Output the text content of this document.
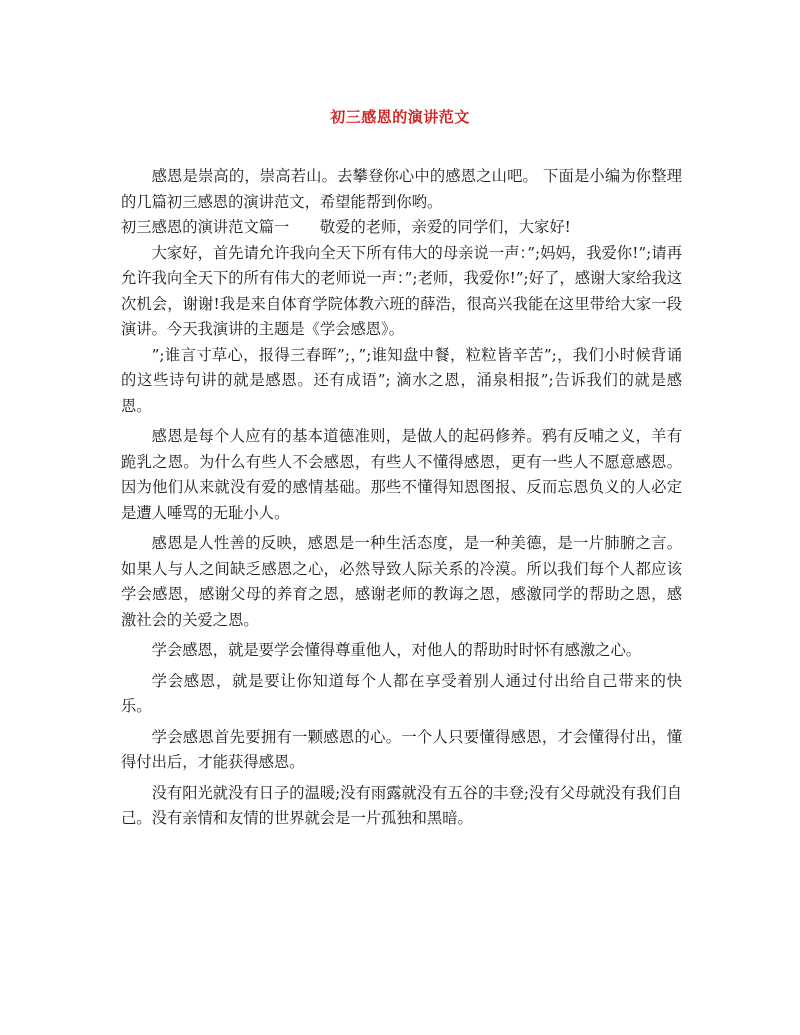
初三感恩的演讲范文

感恩是崇高的，崇高若山。去攀登你心中的感恩之山吧。 下面是小编为你整理的几篇初三感恩的演讲范文，希望能帮到你哟。

初三感恩的演讲范文篇一　　敬爱的老师，亲爱的同学们，大家好!

大家好，首先请允许我向全天下所有伟大的母亲说一声：”;妈妈，我爱你!”;请再允许我向全天下的所有伟大的老师说一声：”;老师，我爱你!”;好了，感谢大家给我这次机会，谢谢!我是来自体育学院体教六班的薛浩，很高兴我能在这里带给大家一段演讲。今天我演讲的主题是《学会感恩》。

”;谁言寸草心，报得三春晖”;，”;谁知盘中餐，粒粒皆辛苦”;，我们小时候背诵的这些诗句讲的就是感恩。还有成语”; 滴水之恩，涌泉相报”;告诉我们的就是感恩。

感恩是每个人应有的基本道德准则，是做人的起码修养。鸦有反哺之义，羊有跪乳之恩。为什么有些人不会感恩，有些人不懂得感恩，更有一些人不愿意感恩。因为他们从来就没有爱的感情基础。那些不懂得知恩图报、反而忘恩负义的人必定是遭人唾骂的无耻小人。

感恩是人性善的反映，感恩是一种生活态度，是一种美德，是一片肺腑之言。如果人与人之间缺乏感恩之心，必然导致人际关系的冷漠。所以我们每个人都应该学会感恩，感谢父母的养育之恩，感谢老师的教诲之恩，感激同学的帮助之恩，感激社会的关爱之恩。

学会感恩，就是要学会懂得尊重他人，对他人的帮助时时怀有感激之心。

学会感恩，就是要让你知道每个人都在享受着别人通过付出给自己带来的快乐。

学会感恩首先要拥有一颗感恩的心。一个人只要懂得感恩，才会懂得付出，懂得付出后，才能获得感恩。

没有阳光就没有日子的温暖;没有雨露就没有五谷的丰登;没有父母就没有我们自己。没有亲情和友情的世界就会是一片孤独和黑暗。
